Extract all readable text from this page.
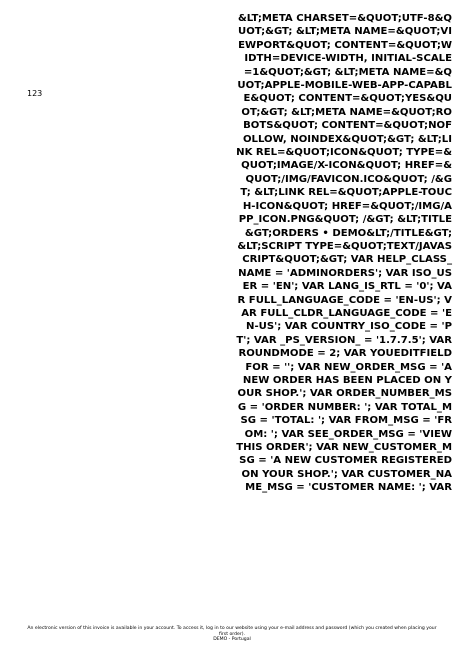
123
&LT;META CHARSET=&QUOT;UTF-8&QUOT;&GT; &LT;META NAME=&QUOT;VIEWPORT&QUOT; CONTENT=&QUOT;WIDTH=DEVICE-WIDTH, INITIAL-SCALE=1&QUOT;&GT; &LT;META NAME=&QUOT;APPLE-MOBILE-WEB-APP-CAPABLE&QUOT; CONTENT=&QUOT;YES&QUOT;&GT; &LT;META NAME=&QUOT;ROBOTS&QUOT; CONTENT=&QUOT;NOFOLLOW, NOINDEX&QUOT;&GT; &LT;LINK REL=&QUOT;ICON&QUOT; TYPE=&QUOT;IMAGE/X-ICON&QUOT; HREF=&QUOT;/IMG/FAVICON.ICO&QUOT; /&GT; &LT;LINK REL=&QUOT;APPLE-TOUCH-ICON&QUOT; HREF=&QUOT;/IMG/APP_ICON.PNG&QUOT; /&GT; &LT;TITLE&GT;ORDERS • DEMO&LT;/TITLE&GT; &LT;SCRIPT TYPE=&QUOT;TEXT/JAVASCRIPT&QUOT;&GT; VAR HELP_CLASS_NAME = 'ADMINORDERS'; VAR ISO_USER = 'EN'; VAR LANG_IS_RTL = '0'; VAR FULL_LANGUAGE_CODE = 'EN-US'; VAR FULL_CLDR_LANGUAGE_CODE = 'EN-US'; VAR COUNTRY_ISO_CODE = 'PT'; VAR _PS_VERSION_ = '1.7.7.5'; VAR ROUNDMODE = 2; VAR YOUEDITFIELDFOR = ''; VAR NEW_ORDER_MSG = 'A NEW ORDER HAS BEEN PLACED ON YOUR SHOP.'; VAR ORDER_NUMBER_MSG = 'ORDER NUMBER: '; VAR TOTAL_MSG = 'TOTAL: '; VAR FROM_MSG = 'FROM: '; VAR SEE_ORDER_MSG = 'VIEW THIS ORDER'; VAR NEW_CUSTOMER_MSG = 'A NEW CUSTOMER REGISTERED ON YOUR SHOP.'; VAR CUSTOMER_NAME_MSG = 'CUSTOMER NAME: '; VAR
An electronic version of this invoice is available in your account. To access it, log in to our website using your e-mail address and password (which you created when placing your
first order).
DEMO - Portugal
